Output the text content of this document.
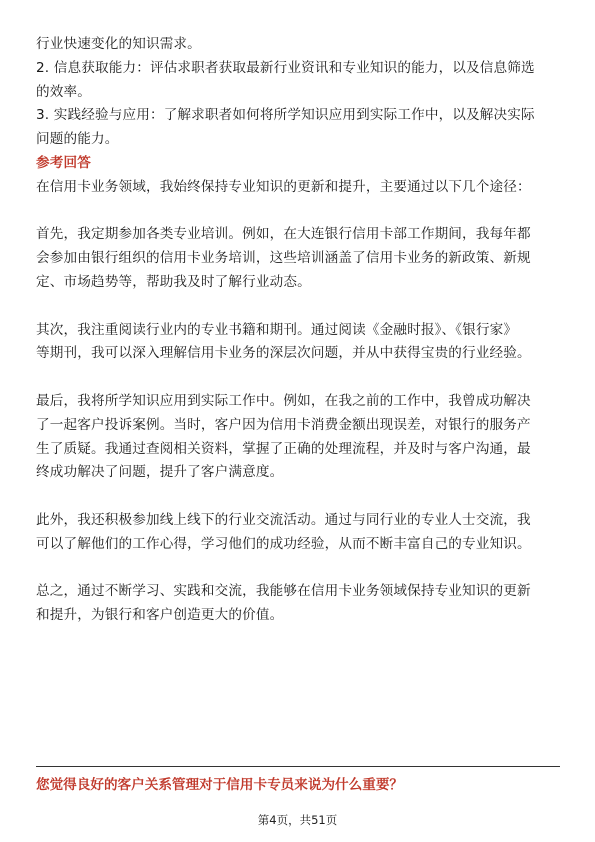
行业快速变化的知识需求。
2. 信息获取能力：评估求职者获取最新行业资讯和专业知识的能力，以及信息筛选
的效率。
3. 实践经验与应用：了解求职者如何将所学知识应用到实际工作中，以及解决实际
问题的能力。
参考回答
在信用卡业务领域，我始终保持专业知识的更新和提升，主要通过以下几个途径：
首先，我定期参加各类专业培训。例如，在大连银行信用卡部工作期间，我每年都
会参加由银行组织的信用卡业务培训，这些培训涵盖了信用卡业务的新政策、新规
定、市场趋势等，帮助我及时了解行业动态。
其次，我注重阅读行业内的专业书籍和期刊。通过阅读《金融时报》、《银行家》
等期刊，我可以深入理解信用卡业务的深层次问题，并从中获得宝贵的行业经验。
最后，我将所学知识应用到实际工作中。例如，在我之前的工作中，我曾成功解决
了一起客户投诉案例。当时，客户因为信用卡消费金额出现误差，对银行的服务产
生了质疑。我通过查阅相关资料，掌握了正确的处理流程，并及时与客户沟通，最
终成功解决了问题，提升了客户满意度。
此外，我还积极参加线上线下的行业交流活动。通过与同行业的专业人士交流，我
可以了解他们的工作心得，学习他们的成功经验，从而不断丰富自己的专业知识。
总之，通过不断学习、实践和交流，我能够在信用卡业务领域保持专业知识的更新
和提升，为银行和客户创造更大的价值。
您觉得良好的客户关系管理对于信用卡专员来说为什么重要？
第4页，共51页
